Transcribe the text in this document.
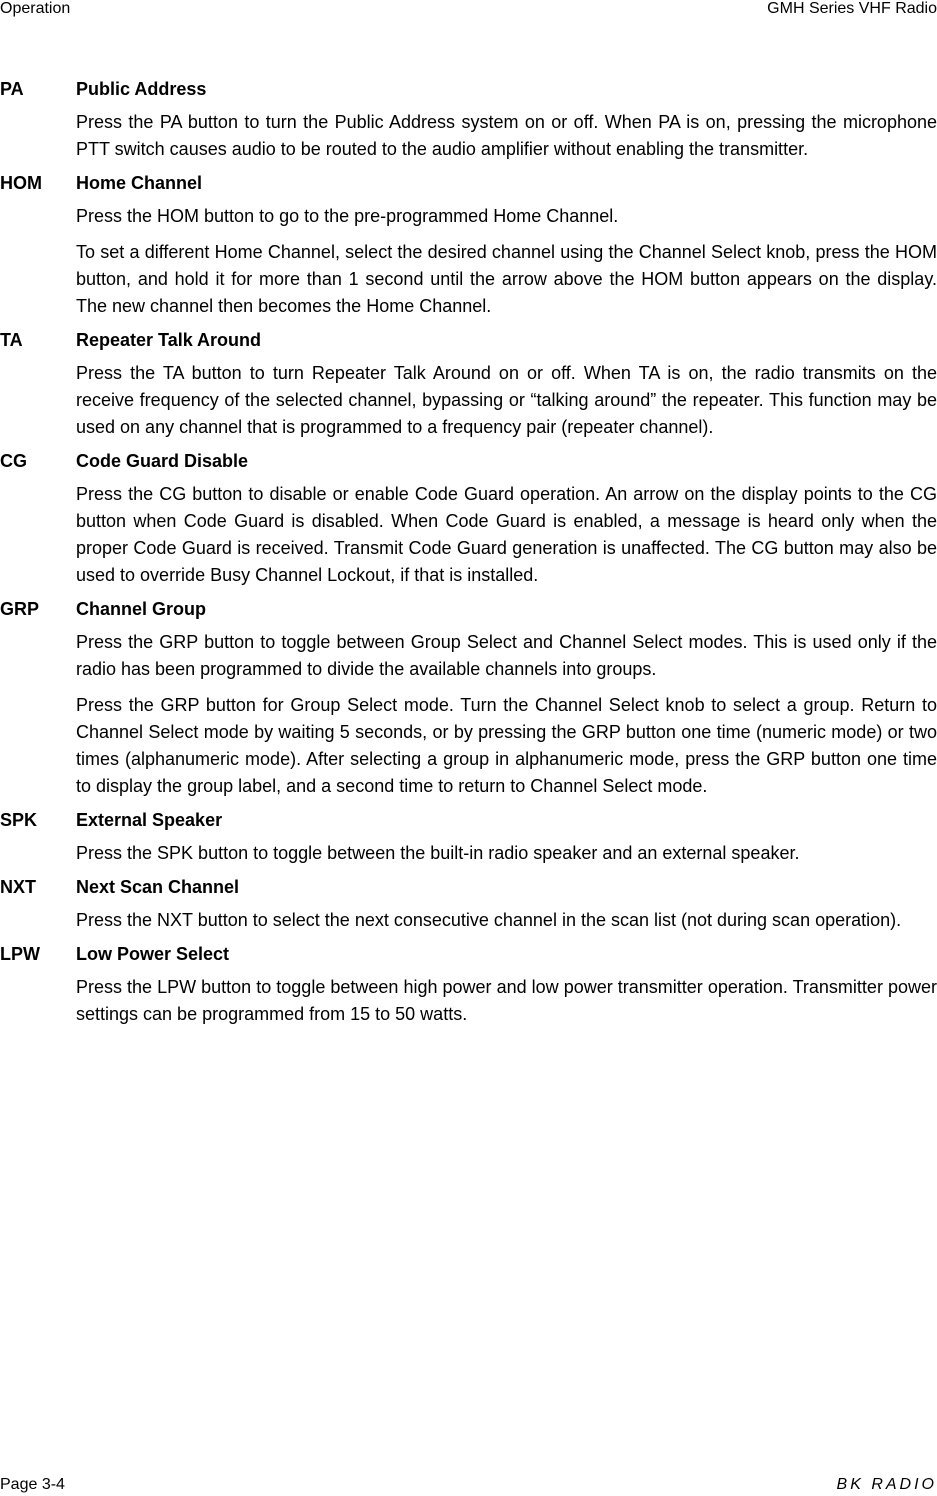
Operation	GMH Series VHF Radio
PA	Public Address

Press the PA button to turn the Public Address system on or off. When PA is on, pressing the microphone PTT switch causes audio to be routed to the audio amplifier without enabling the transmitter.

HOM	Home Channel

Press the HOM button to go to the pre-programmed Home Channel.

To set a different Home Channel, select the desired channel using the Channel Select knob, press the HOM button, and hold it for more than 1 second until the arrow above the HOM button appears on the display. The new channel then becomes the Home Channel.

TA	Repeater Talk Around

Press the TA button to turn Repeater Talk Around on or off. When TA is on, the radio transmits on the receive frequency of the selected channel, bypassing or “talking around” the repeater. This function may be used on any channel that is programmed to a frequency pair (repeater channel).

CG	Code Guard Disable

Press the CG button to disable or enable Code Guard operation. An arrow on the display points to the CG button when Code Guard is disabled. When Code Guard is enabled, a message is heard only when the proper Code Guard is received. Transmit Code Guard generation is unaffected. The CG button may also be used to override Busy Channel Lockout, if that is installed.

GRP	Channel Group

Press the GRP button to toggle between Group Select and Channel Select modes. This is used only if the radio has been programmed to divide the available channels into groups.

Press the GRP button for Group Select mode. Turn the Channel Select knob to select a group. Return to Channel Select mode by waiting 5 seconds, or by pressing the GRP button one time (numeric mode) or two times (alphanumeric mode). After selecting a group in alphanumeric mode, press the GRP button one time to display the group label, and a second time to return to Channel Select mode.

SPK	External Speaker

Press the SPK button to toggle between the built-in radio speaker and an external speaker.

NXT	Next Scan Channel

Press the NXT button to select the next consecutive channel in the scan list (not during scan operation).

LPW	Low Power Select

Press the LPW button to toggle between high power and low power transmitter operation. Transmitter power settings can be programmed from 15 to 50 watts.

Page 3-4	BK RADIO
